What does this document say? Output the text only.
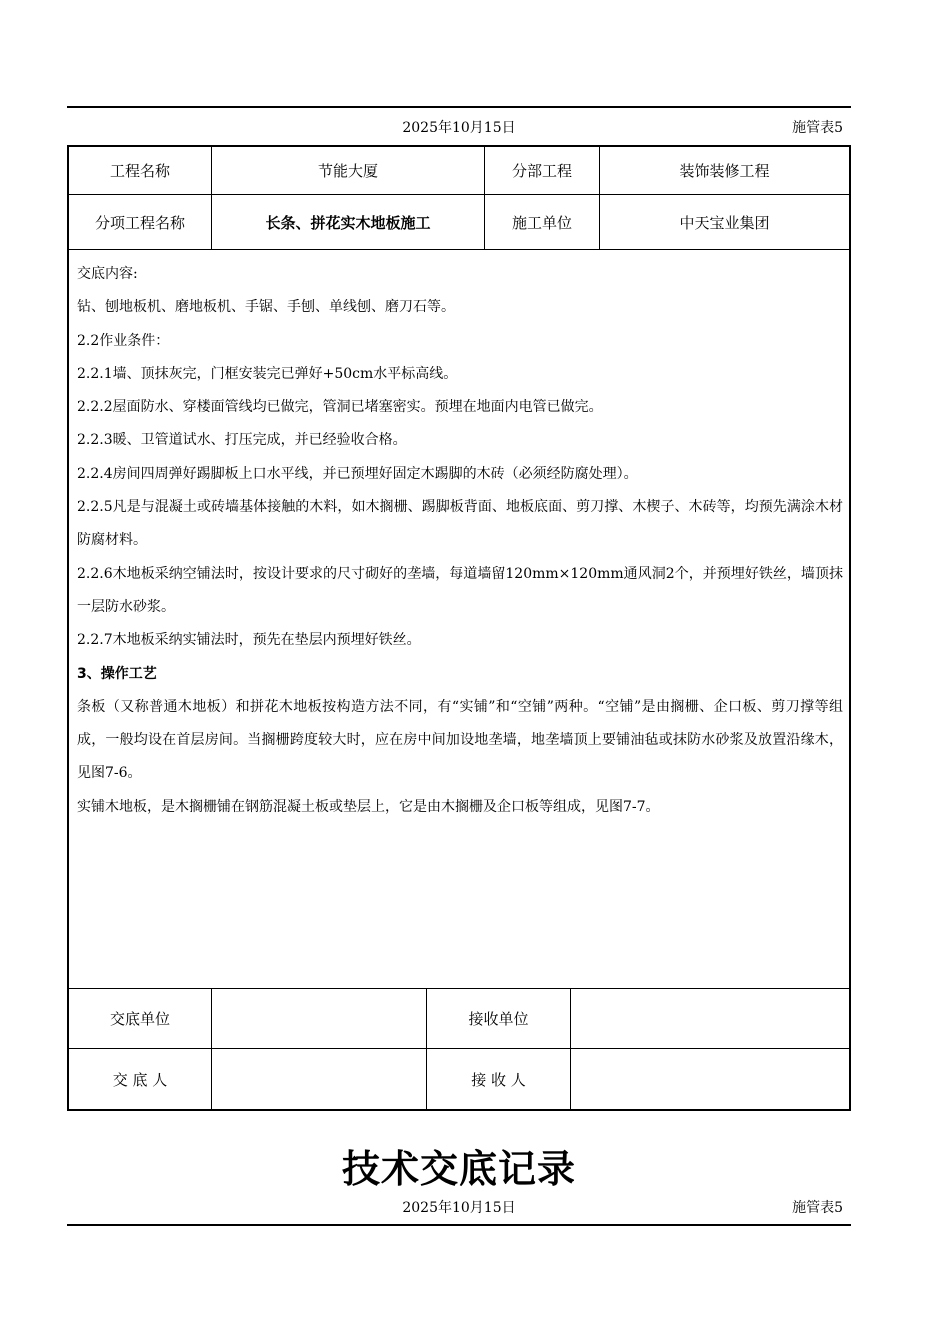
2025年10月15日	施管表5
工程名称	节能大厦	分部工程	装饰装修工程
分项工程名称	长条、拼花实木地板施工	施工单位	中天宝业集团

交底内容:

钻、刨地板机、磨地板机、手锯、手刨、单线刨、磨刀石等。

2.2作业条件：

2.2.1墙、顶抹灰完，门框安装完已弹好+50cm水平标高线。

2.2.2屋面防水、穿楼面管线均已做完，管洞已堵塞密实。预埋在地面内电管已做完。

2.2.3暖、卫管道试水、打压完成，并已经验收合格。

2.2.4房间四周弹好踢脚板上口水平线，并已预埋好固定木踢脚的木砖（必须经防腐处理）。

2.2.5凡是与混凝土或砖墙基体接触的木料，如木搁栅、踢脚板背面、地板底面、剪刀撑、木楔子、木砖等，均预先满涂木材防腐材料。

2.2.6木地板采纳空铺法时，按设计要求的尺寸砌好的垄墙，每道墙留120mm×120mm通风洞2个，并预埋好铁丝，墙顶抹一层防水砂浆。

2.2.7木地板采纳实铺法时，预先在垫层内预埋好铁丝。

3、操作工艺

条板（又称普通木地板）和拼花木地板按构造方法不同，有“实铺”和“空铺”两种。“空铺”是由搁栅、企口板、剪刀撑等组成，一般均设在首层房间。当搁栅跨度较大时，应在房中间加设地垄墙，地垄墙顶上要铺油毡或抹防水砂浆及放置沿缘木，见图7-6。

实铺木地板，是木搁栅铺在钢筋混凝土板或垫层上，它是由木搁栅及企口板等组成，见图7-7。

交底单位	接收单位
交 底 人	接 收 人
技术交底记录
2025年10月15日	施管表5
